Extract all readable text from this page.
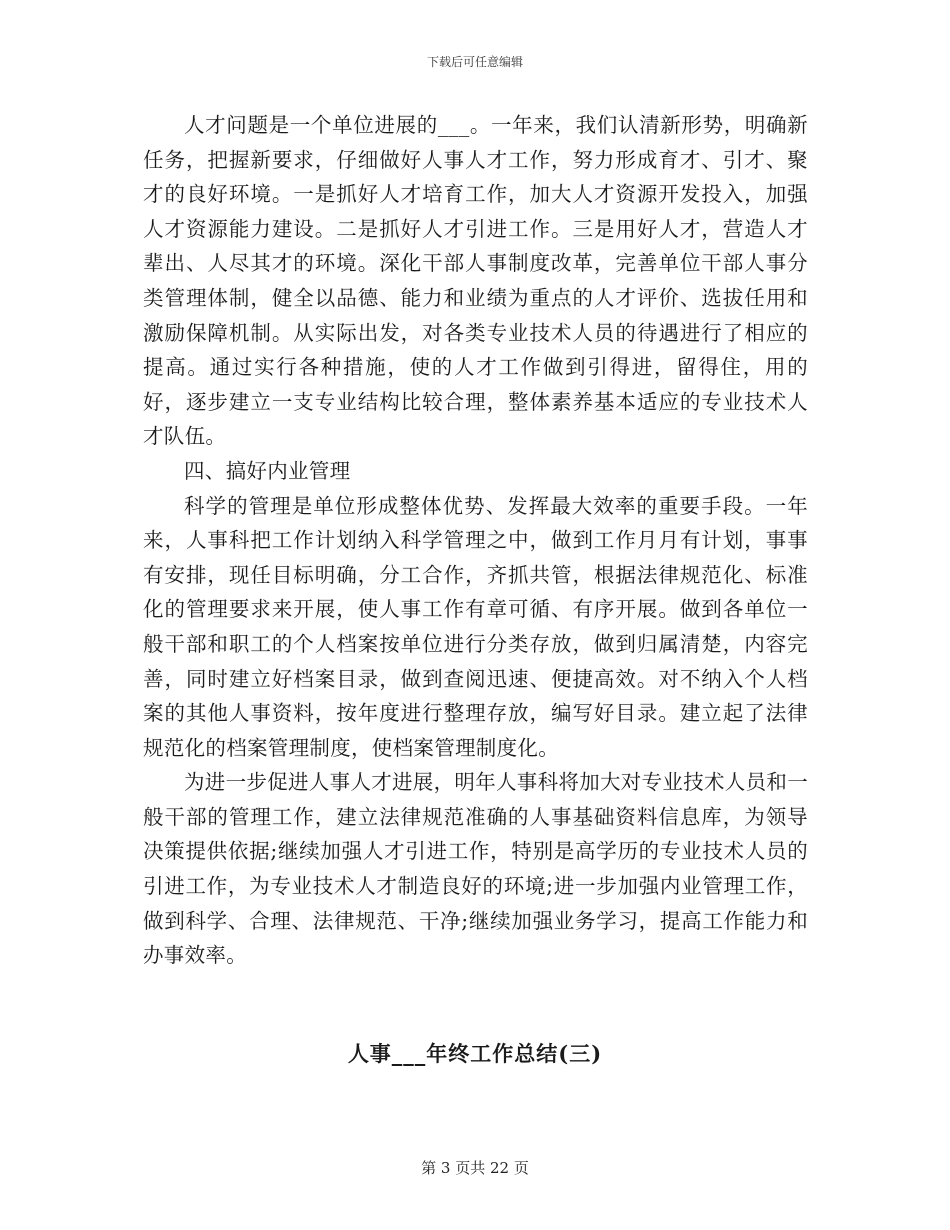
下载后可任意编辑

人才问题是一个单位进展的___。一年来，我们认清新形势，明确新任务，把握新要求，仔细做好人事人才工作，努力形成育才、引才、聚才的良好环境。一是抓好人才培育工作，加大人才资源开发投入，加强人才资源能力建设。二是抓好人才引进工作。三是用好人才，营造人才辈出、人尽其才的环境。深化干部人事制度改革，完善单位干部人事分类管理体制，健全以品德、能力和业绩为重点的人才评价、选拔任用和激励保障机制。从实际出发，对各类专业技术人员的待遇进行了相应的提高。通过实行各种措施，使的人才工作做到引得进，留得住，用的好，逐步建立一支专业结构比较合理，整体素养基本适应的专业技术人才队伍。

四、搞好内业管理

科学的管理是单位形成整体优势、发挥最大效率的重要手段。一年来，人事科把工作计划纳入科学管理之中，做到工作月月有计划，事事有安排，现任目标明确，分工合作，齐抓共管，根据法律规范化、标准化的管理要求来开展，使人事工作有章可循、有序开展。做到各单位一般干部和职工的个人档案按单位进行分类存放，做到归属清楚，内容完善，同时建立好档案目录，做到查阅迅速、便捷高效。对不纳入个人档案的其他人事资料，按年度进行整理存放，编写好目录。建立起了法律规范化的档案管理制度，使档案管理制度化。

为进一步促进人事人才进展，明年人事科将加大对专业技术人员和一般干部的管理工作，建立法律规范准确的人事基础资料信息库，为领导决策提供依据;继续加强人才引进工作，特别是高学历的专业技术人员的引进工作，为专业技术人才制造良好的环境;进一步加强内业管理工作，做到科学、合理、法律规范、干净;继续加强业务学习，提高工作能力和办事效率。

人事___年终工作总结(三)
第 3 页共 22 页
